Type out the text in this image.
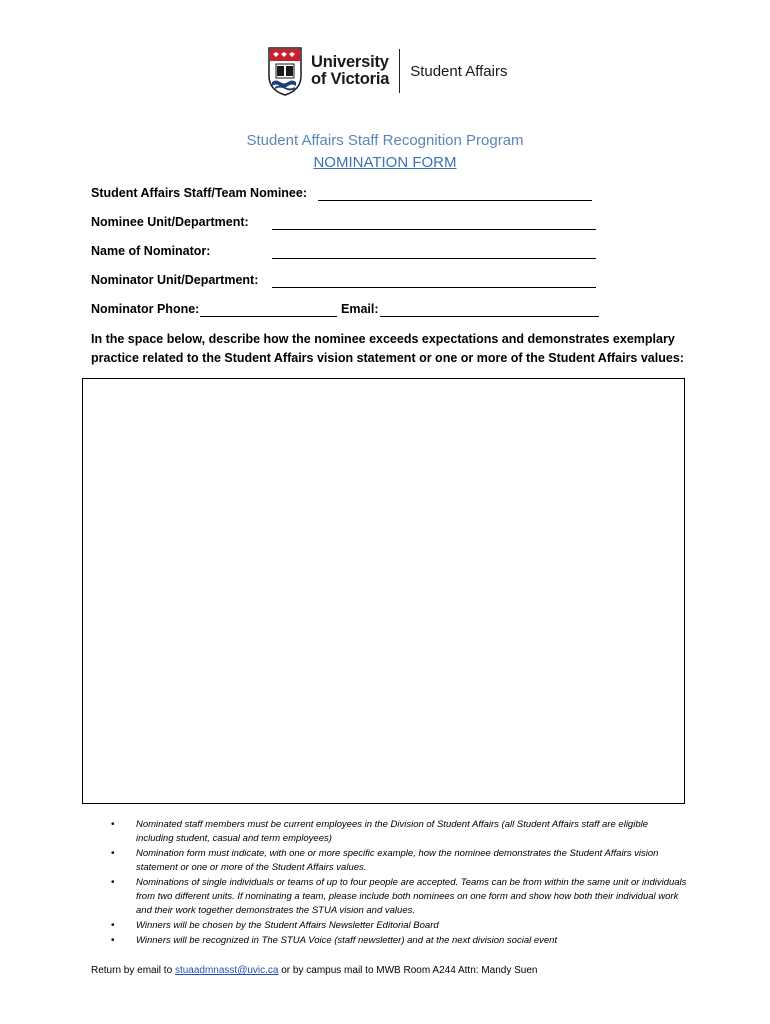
University
of Victoria Student Affairs
Student Affairs Staff Recognition Program
NOMINATION FORM
Student Affairs Staff/Team Nominee:
Nominee Unit/Department:
Name of Nominator:
Nominator Unit/Department:
Nominator Phone:	Email:
In the space below, describe how the nominee exceeds expectations and demonstrates exemplary practice related to the Student Affairs vision statement or one or more of the Student Affairs values:
• Nominated staff members must be current employees in the Division of Student Affairs (all Student Affairs staff are eligible including student, casual and term employees)
• Nomination form must indicate, with one or more specific example, how the nominee demonstrates the Student Affairs vision statement or one or more of the Student Affairs values.
• Nominations of single individuals or teams of up to four people are accepted. Teams can be from within the same unit or individuals from two different units. If nominating a team, please include both nominees on one form and show how both their individual work and their work together demonstrates the STUA vision and values.
• Winners will be chosen by the Student Affairs Newsletter Editorial Board
• Winners will be recognized in The STUA Voice (staff newsletter) and at the next division social event
Return by email to stuaadmnasst@uvic.ca or by campus mail to MWB Room A244 Attn: Mandy Suen
